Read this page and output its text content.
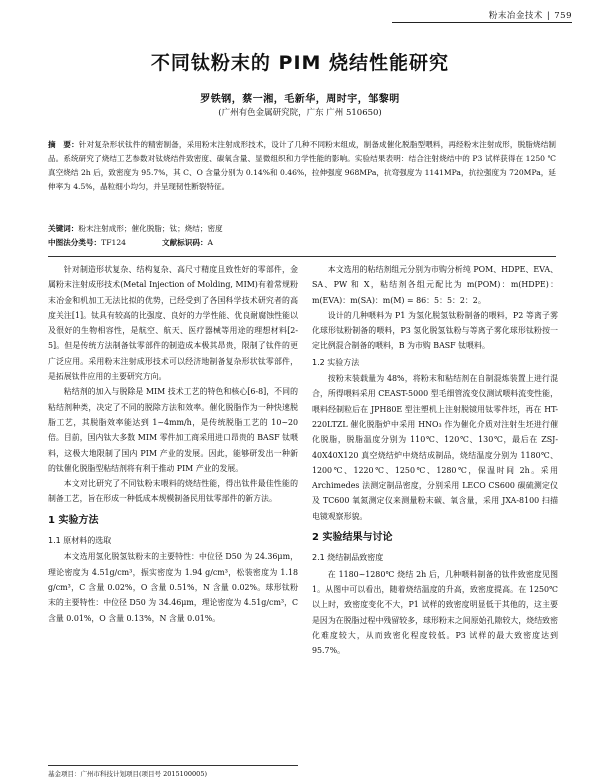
粉末冶金技术 | 759
不同钛粉末的 PIM 烧结性能研究
罗铁钢，蔡一湘，毛新华，周时宇，邹黎明
(广州有色金属研究院，广东 广州 510650)
摘　要：针对复杂形状钛件的精密制备，采用粉末注射成形技术，设计了几种不同粉末组成，制备成催化脱脂型喂料，再经粉末注射成形，脱脂烧结制品。系统研究了烧结工艺参数对钛烧结件致密度、碳氧含量、显微组织和力学性能的影响。实验结果表明：结合注射烧结中的 P3 试样获得在 1250 ℃ 真空烧结 2h 后，致密度为 95.7%，其 C、O 含量分别为 0.14%和 0.46%，拉伸强度 968MPa，抗弯强度为 1141MPa，抗拉强度为 720MPa，延伸率为 4.5%，晶粒细小均匀，并呈现韧性断裂特征。
关键词：粉末注射成形；催化脱脂；钛；烧结；密度
中图法分类号：TF124	文献标识码：A

针对制造形状复杂、结构复杂、高尺寸精度且致性好的零部件，金属粉末注射成形技术(Metal Injection of Molding, MIM)有着常规粉末冶金和机加工无法比拟的优势，已经受到了各国科学技术研究者的高度关注[1]。钛具有较高的比强度、良好的力学性能、优良耐腐蚀性能以及很好的生物相容性，是航空、航天、医疗器械等用途的理想材料[2-5]。但是传统方法制备钛零部件的制造成本极其昂贵，限制了钛件的更广泛应用。采用粉末注射成形技术可以经济地制备复杂形状钛零部件，是拓展钛件应用的主要研究方向。

粘结剂的加入与脱除是 MIM 技术工艺的特色和核心[6-8]，不同的粘结剂种类，决定了不同的脱除方法和效率。催化脱脂作为一种快速脱脂工艺，其脱脂效率能达到 1~4mm/h，是传统脱脂工艺的 10~20 倍。目前，国内钛大多数 MIM 零件加工商采用进口昂贵的 BASF 钛喂料，这极大地限制了国内 PIM 产业的发展。因此，能够研发出一种新的钛催化脱脂型粘结剂将有利于推动 PIM 产业的发展。

本文对比研究了不同钛粉末喂料的烧结性能，得出钛件最佳性能的制备工艺，旨在形成一种低成本规模制备民用钛零部件的新方法。

1 实验方法

1.1 原材料的选取

本文选用氢化脱氢钛粉末的主要特性：中位径 D50 为 24.36μm，理论密度为 4.51g/cm³，振实密度为 1.94 g/cm³，松装密度为 1.18 g/cm³，C 含量 0.02%，O 含量 0.51%，N 含量 0.02%。球形钛粉末的主要特性：中位径 D50 为 34.46μm，理论密度为 4.51g/cm³，C 含量 0.01%，O 含量 0.13%，N 含量 0.01%。

本文选用的粘结剂组元分别为市购分析纯 POM、HDPE、EVA、SA、PW 和 X，粘结剂各组元配比为 m(POM)：m(HDPE)：m(EVA)：m(SA)：m(M) = 86：5：5：2：2。

设计的几种喂料为 P1 为氢化脱氢钛粉制备的喂料，P2 等离子雾化球形钛粉制备的喂料，P3 氢化脱氢钛粉与等离子雾化球形钛粉按一定比例混合制备的喂料，B 为市购 BASF 钛喂料。

1.2 实验方法

按粉末装载量为 48%，将粉末和粘结剂在自制混炼装置上进行混合，所得喂料采用 CEAST-5000 型毛细管流变仪测试喂料流变性能，喂料经制粒后在 JPH80E 型注塑机上注射脱镜用钛零件坯，再在 HT-220LTZL 催化脱脂炉中采用 HNO₃ 作为催化介质对注射生坯进行催化脱脂，脱脂温度分别为 110℃、120℃、130℃，最后在 ZSJ-40X40X120 真空烧结炉中烧结成制品，烧结温度分别为 1180℃、1200℃、1220℃、1250℃、1280℃，保温时间 2h。采用 Archimedes 法测定制品密度，分别采用 LECO CS600 碳硫测定仪及 TC600 氧氮测定仪来测量粉末碳、氧含量，采用 JXA-8100 扫描电镜观察形貌。

2 实验结果与讨论

2.1 烧结制品致密度

在 1180~1280℃ 烧结 2h 后，几种喂料制备的钛件致密度见图 1。从图中可以看出，随着烧结温度的升高，致密度提高。在 1250℃ 以上时，致密度变化不大，P1 试样的致密度明显低于其他的，这主要是因为在脱脂过程中残留较多，球形粉末之间原始孔隙较大，烧结致密化难度较大，从而致密化程度较低。P3 试样的最大致密度达到 95.7%。

基金项目：广州市科技计划项目(项目号 2015100005)
